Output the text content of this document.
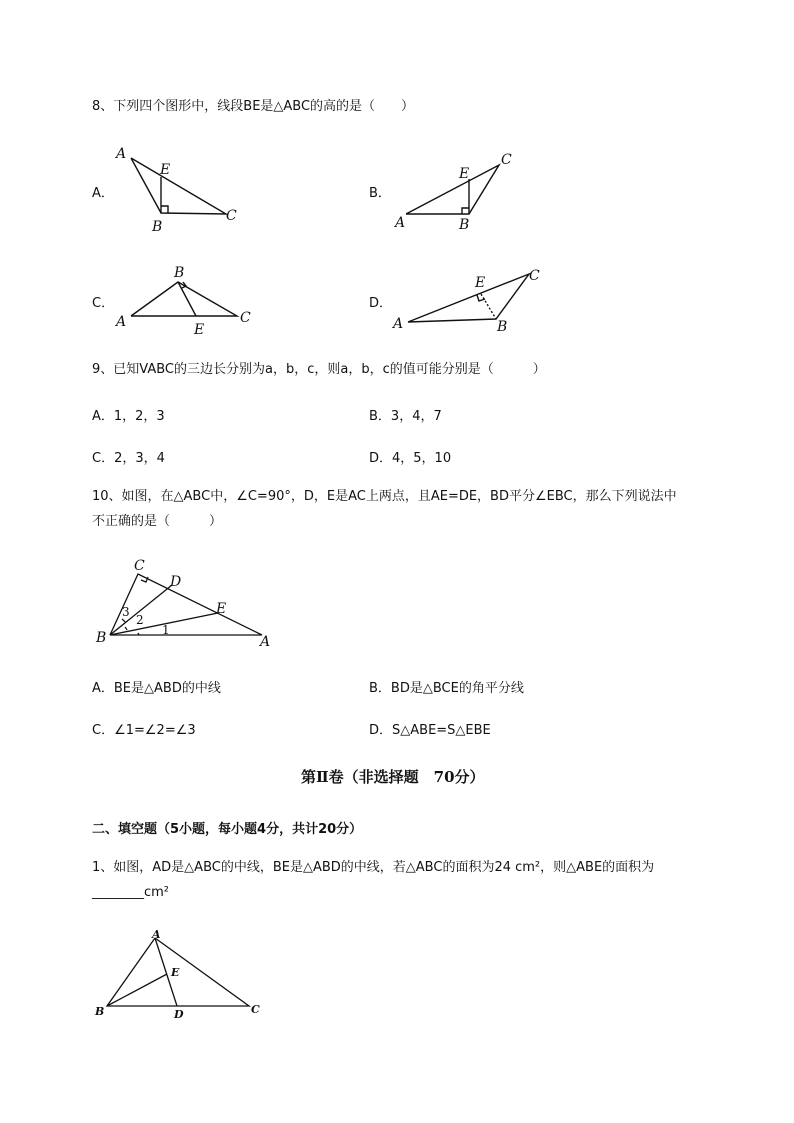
8、下列四个图形中，线段BE是△ABC的高的是（　　）
A．
A
E
B
C
B．
E
C
A	B
C．
B
A	E
C
D．
E	C
A	B
9、已知VABC的三边长分别为a，b，c，则a，b，c的值可能分别是（　　　）
A．1，2，3	B．3，4，7
C．2，3，4	D．4，5，10
10、如图，在△ABC中，∠C=90°，D，E是AC上两点，且AE=DE，BD平分∠EBC，那么下列说法中
不正确的是（　　　）
C
D
E
B	A
3
2
1
A．BE是△ABD的中线	B．BD是△BCE的角平分线
C．∠1=∠2=∠3	D．S△ABE=S△EBE
第Ⅱ卷（非选择题　70分）
二、填空题（5小题，每小题4分，共计20分）
1、如图，AD是△ABC的中线，BE是△ABD的中线，若△ABC的面积为24 cm²，则△ABE的面积为
________cm²
A
E
B	D	C
